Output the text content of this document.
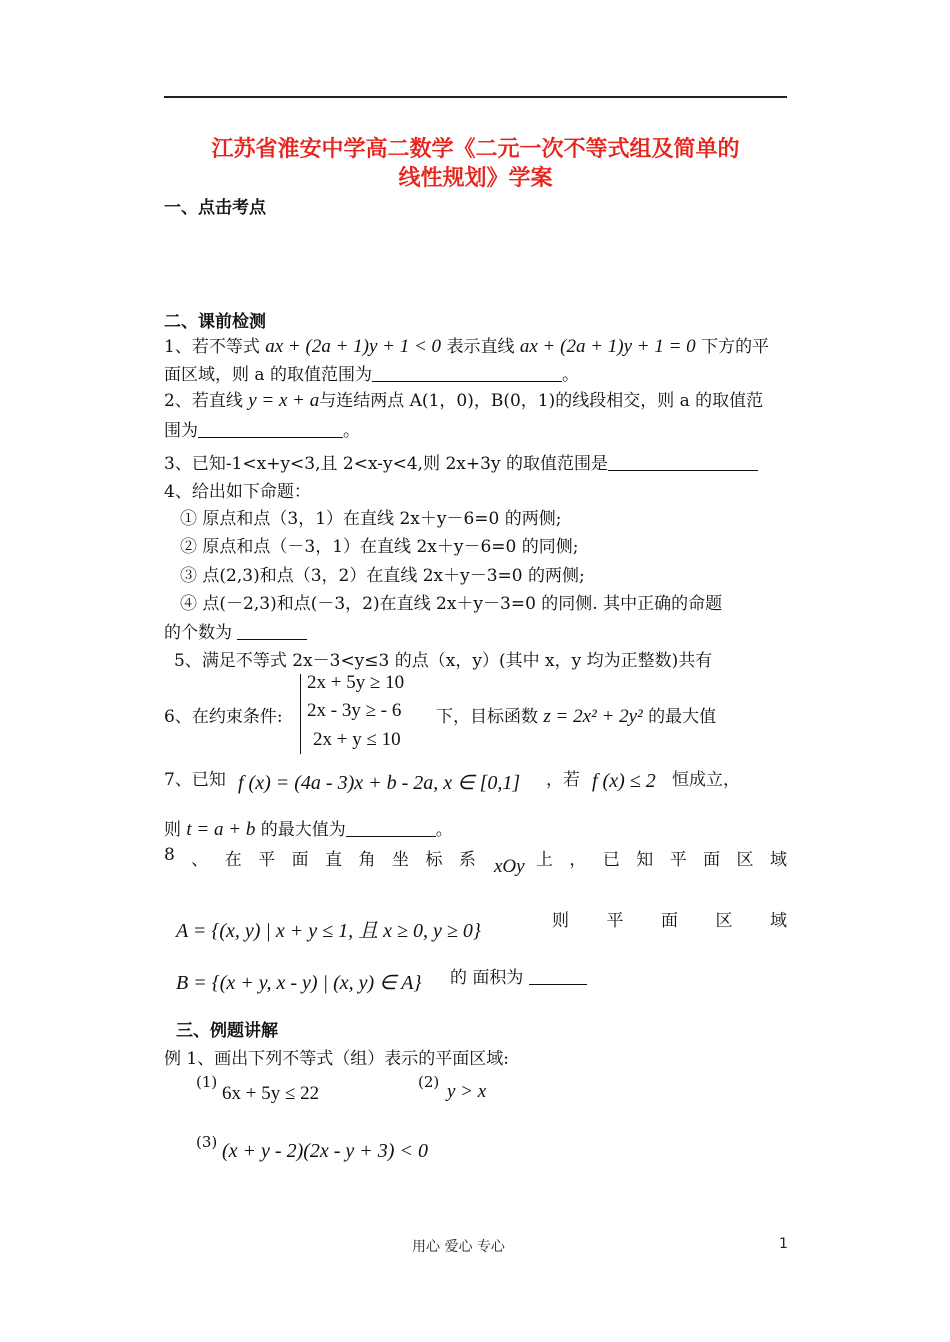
江苏省淮安中学高二数学《二元一次不等式组及简单的
线性规划》学案
一、点击考点
二、课前检测
1、若不等式 ax + (2a + 1)y + 1 < 0 表示直线 ax + (2a + 1)y + 1 = 0 下方的平
面区域，则 a 的取值范围为	。
2、若直线 y = x + a与连结两点 A(1，0)，B(0，1)的线段相交，则 a 的取值范
围为	。
3、已知-1<x+y<3,且 2<x-y<4,则 2x+3y 的取值范围是
4、给出如下命题：
① 原点和点（3，1）在直线 2x＋y－6=0 的两侧;
② 原点和点（－3，1）在直线 2x＋y－6=0 的同侧;
③ 点(2,3)和点（3，2）在直线 2x＋y－3=0 的两侧;
④ 点(－2,3)和点(－3，2)在直线 2x＋y－3=0 的同侧. 其中正确的命题
的个数为
5、满足不等式 2x－3<y≤3 的点（x，y）(其中 x，y 均为正整数)共有
6、在约束条件:
2x + 5y ≥ 10
2x - 3y ≥ - 6
2x + y ≤ 10
下，目标函数 z = 2x² + 2y² 的最大值
7、已知 f (x) = (4a - 3)x + b - 2a, x ∈ [0,1] ，若 f (x) ≤ 2 恒成立，
则 t = a + b 的最大值为	。
8 、 在 平 面 直 角 坐 标 系 xOy 上 ， 已 知 平 面 区 域
A = {(x, y) | x + y ≤ 1, 且 x ≥ 0, y ≥ 0}	则 平 面 区 域
B = {(x + y, x - y) | (x, y) ∈ A} 的 面积为
三、例题讲解
例 1、画出下列不等式（组）表示的平面区域:
(1)
6x + 5y ≤ 22
(2) y > x
(3) (x + y - 2)(2x - y + 3) < 0
用心 爱心 专心	1
